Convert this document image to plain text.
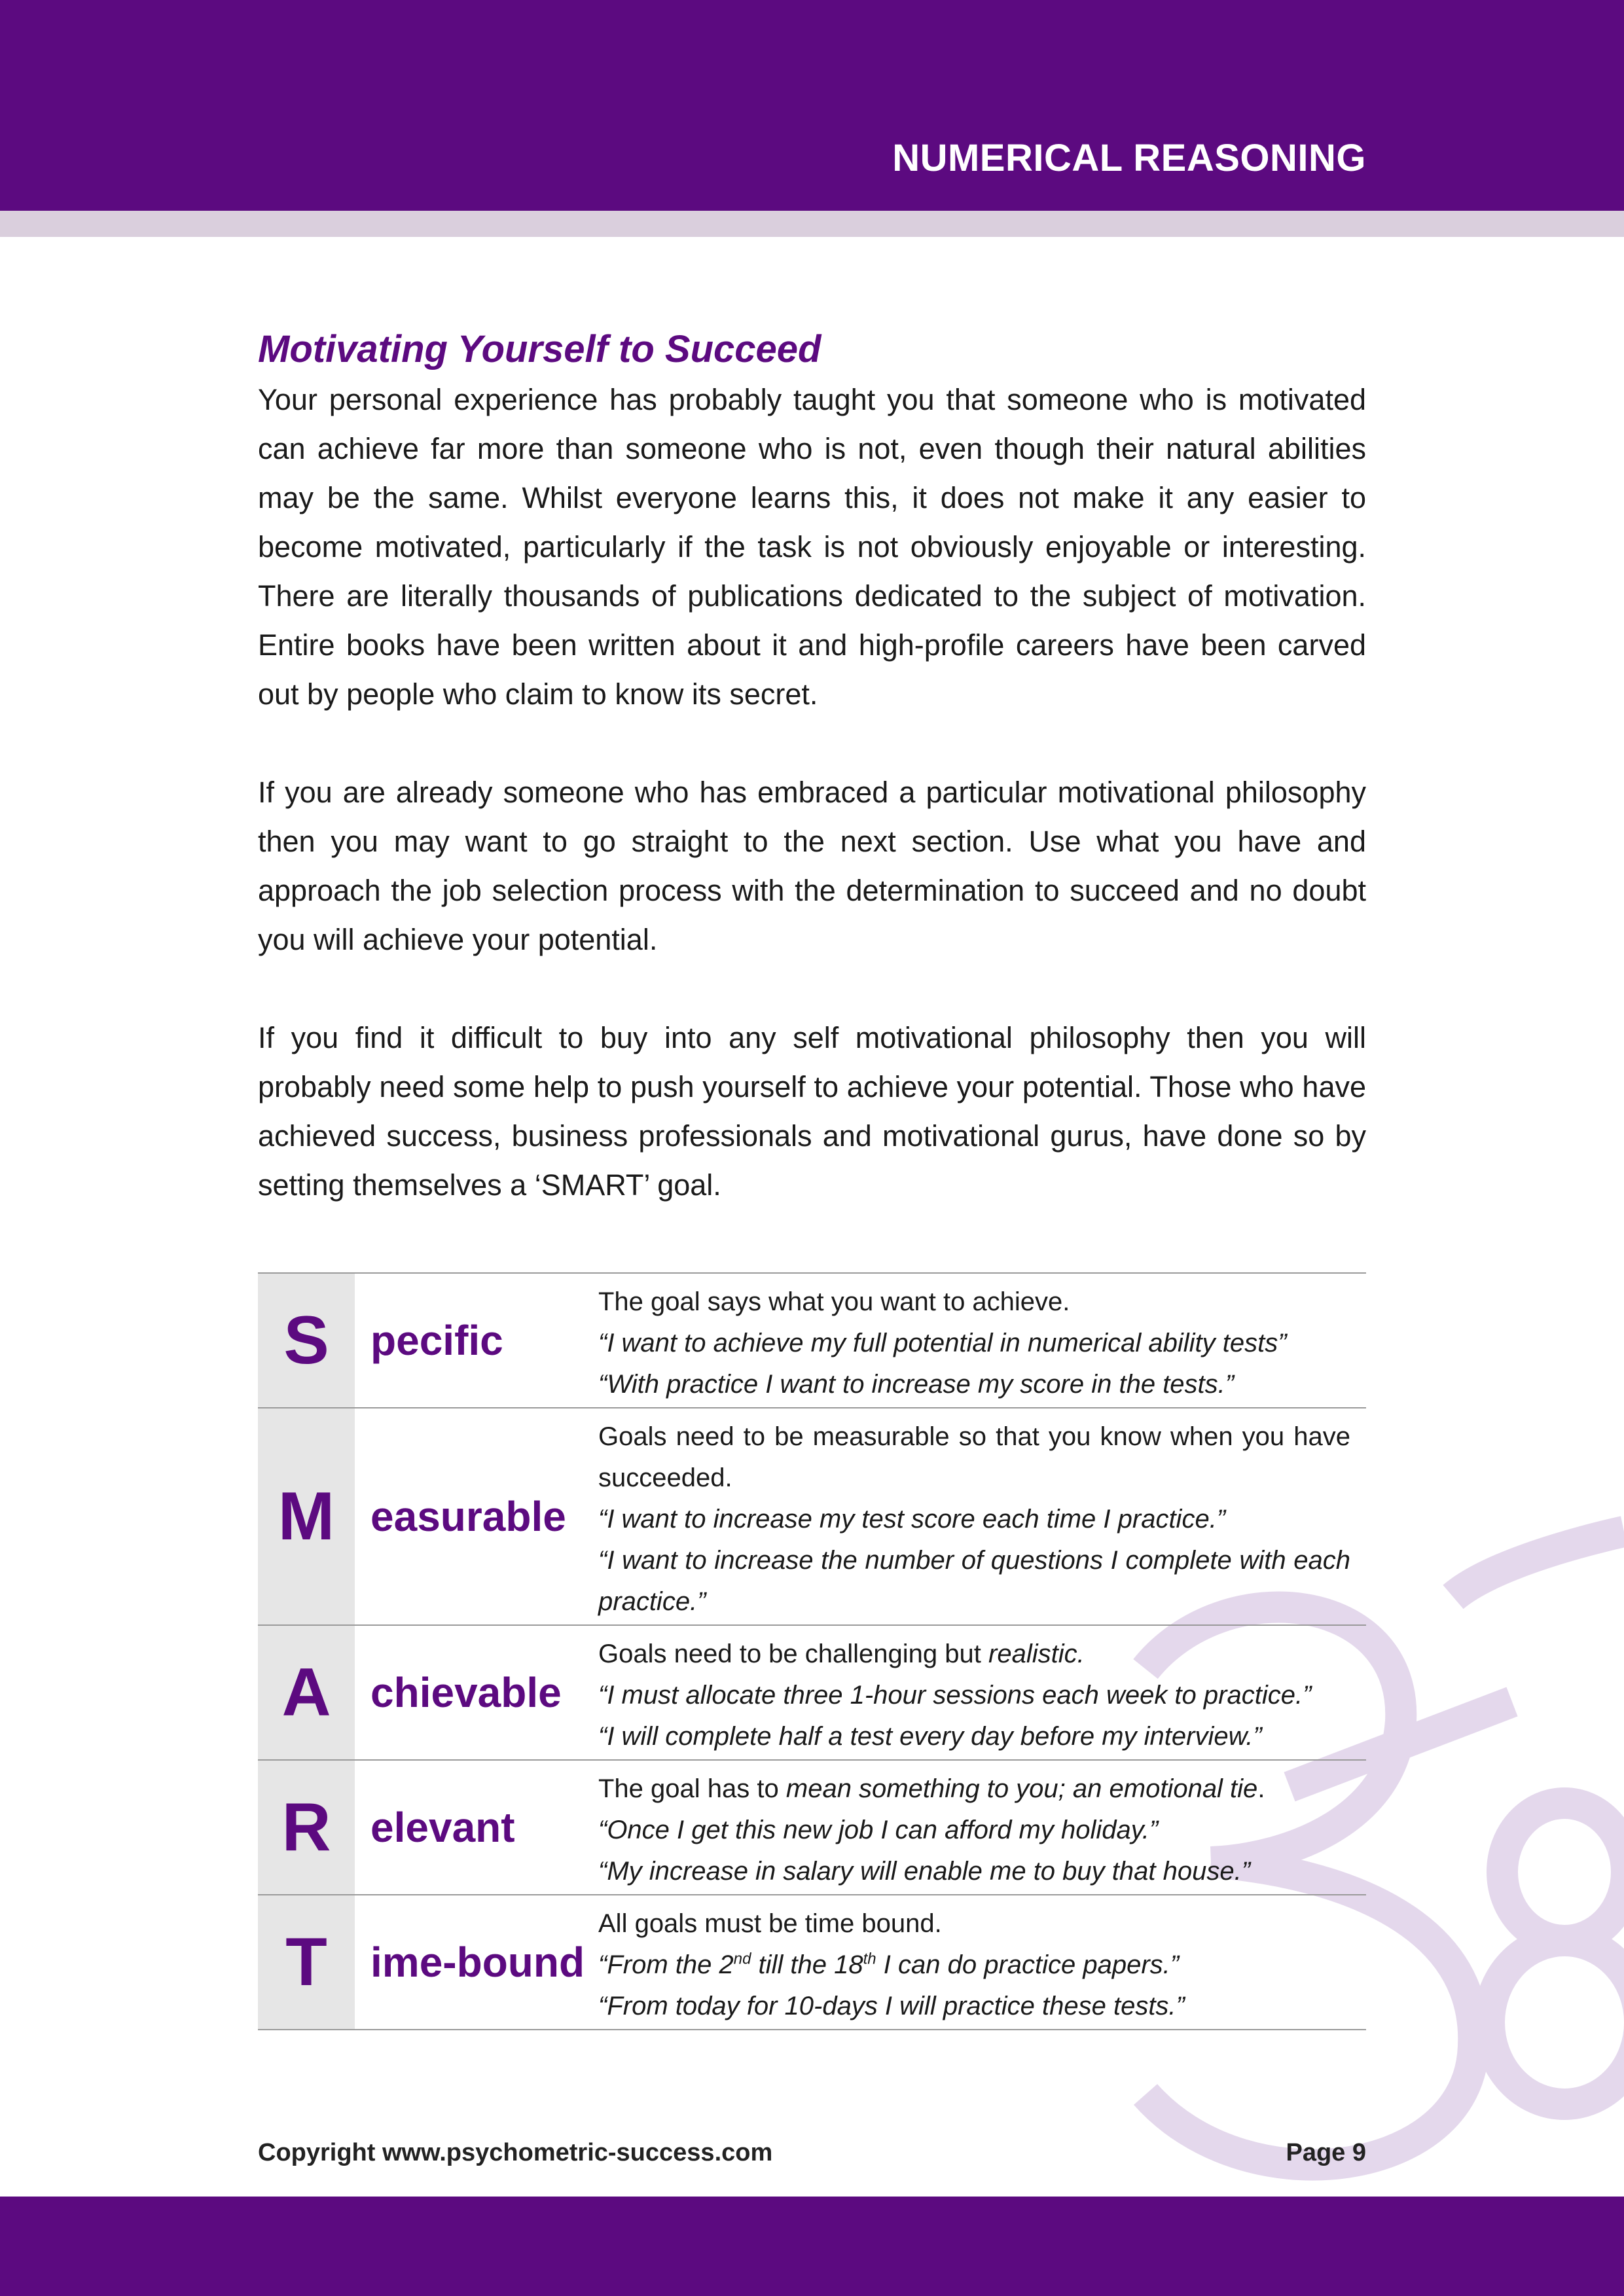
NUMERICAL REASONING
Motivating Yourself to Succeed

Your personal experience has probably taught you that someone who is motivated can achieve far more than someone who is not, even though their natural abilities may be the same. Whilst everyone learns this, it does not make it any easier to become motivated, particularly if the task is not obviously enjoyable or interesting. There are literally thousands of publications dedicated to the subject of motivation. Entire books have been written about it and high-profile careers have been carved out by people who claim to know its secret.

If you are already someone who has embraced a particular motivational philosophy then you may want to go straight to the next section. Use what you have and approach the job selection process with the determination to succeed and no doubt you will achieve your potential.

If you find it difficult to buy into any self motivational philosophy then you will probably need some help to push yourself to achieve your potential. Those who have achieved success, business professionals and motivational gurus, have done so by setting themselves a ‘SMART’ goal.

S pecific
The goal says what you want to achieve.
“I want to achieve my full potential in numerical ability tests”
“With practice I want to increase my score in the tests.”
M easurable
Goals need to be measurable so that you know when you have succeeded.
“I want to increase my test score each time I practice.”
“I want to increase the number of questions I complete with each practice.”
A chievable
Goals need to be challenging but realistic.
“I must allocate three 1-hour sessions each week to practice.”
“I will complete half a test every day before my interview.”
R elevant
The goal has to mean something to you; an emotional tie.
“Once I get this new job I can afford my holiday.”
“My increase in salary will enable me to buy that house.”
T	ime-bound
All goals must be time bound.
“From the 2nd till the 18th I can do practice papers.”
“From today for 10-days I will practice these tests.”
Copyright www.psychometric-success.com	Page 9
